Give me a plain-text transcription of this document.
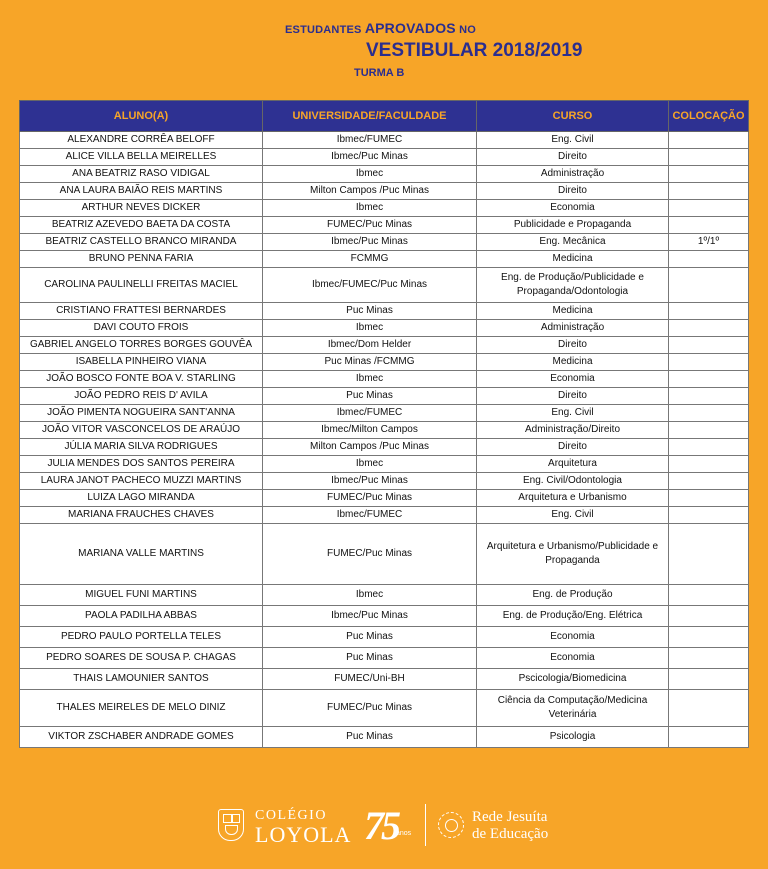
ESTUDANTES APROVADOS NO
VESTIBULAR 2018/2019
TURMA B
ALUNO(A)	UNIVERSIDADE/FACULDADE	CURSO	COLOCAÇÃO
ALEXANDRE CORRÊA BELOFF	Ibmec/FUMEC	Eng. Civil	
ALICE VILLA BELLA MEIRELLES	Ibmec/Puc Minas	Direito	
ANA BEATRIZ RASO VIDIGAL	Ibmec	Administração	
ANA LAURA BAIÃO REIS MARTINS	Milton Campos /Puc Minas	Direito	
ARTHUR NEVES DICKER	Ibmec	Economia	
BEATRIZ AZEVEDO BAETA DA COSTA	FUMEC/Puc Minas	Publicidade e Propaganda	
BEATRIZ CASTELLO BRANCO MIRANDA	Ibmec/Puc Minas	Eng. Mecânica	1º/1º
BRUNO PENNA FARIA	FCMMG	Medicina	
CAROLINA PAULINELLI FREITAS MACIEL	Ibmec/FUMEC/Puc Minas	Eng. de Produção/Publicidade e Propaganda/Odontologia	
CRISTIANO FRATTESI BERNARDES	Puc Minas	Medicina	
DAVI COUTO FROIS	Ibmec	Administração	
GABRIEL ANGELO TORRES BORGES GOUVÊA	Ibmec/Dom Helder	Direito	
ISABELLA PINHEIRO VIANA	Puc Minas /FCMMG	Medicina	
JOÃO BOSCO FONTE BOA V. STARLING	Ibmec	Economia	
JOÃO PEDRO REIS D' AVILA	Puc Minas	Direito	
JOÃO PIMENTA NOGUEIRA SANT'ANNA	Ibmec/FUMEC	Eng. Civil	
JOÃO VITOR VASCONCELOS DE ARAÚJO	Ibmec/Milton Campos	Administração/Direito	
JÚLIA MARIA SILVA RODRIGUES	Milton Campos /Puc Minas	Direito	
JULIA MENDES DOS SANTOS PEREIRA	Ibmec	Arquitetura	
LAURA JANOT PACHECO MUZZI MARTINS	Ibmec/Puc Minas	Eng. Civil/Odontologia	
LUIZA LAGO MIRANDA	FUMEC/Puc Minas	Arquitetura e Urbanismo	
MARIANA FRAUCHES CHAVES	Ibmec/FUMEC	Eng. Civil	
MARIANA VALLE MARTINS	FUMEC/Puc Minas	Arquitetura e Urbanismo/Publicidade e Propaganda	
MIGUEL FUNI MARTINS	Ibmec	Eng. de Produção	
PAOLA PADILHA ABBAS	Ibmec/Puc Minas	Eng. de Produção/Eng. Elétrica	
PEDRO PAULO PORTELLA TELES	Puc Minas	Economia	
PEDRO SOARES DE SOUSA P. CHAGAS	Puc Minas	Economia	
THAIS LAMOUNIER SANTOS	FUMEC/Uni-BH	Pscicologia/Biomedicina	
THALES MEIRELES DE MELO DINIZ	FUMEC/Puc Minas	Ciência da Computação/Medicina Veterinária	
VIKTOR ZSCHABER ANDRADE GOMES	Puc Minas	Psicologia	
COLÉGIO
LOYOLA 75
anos
Rede Jesuíta
de Educação
